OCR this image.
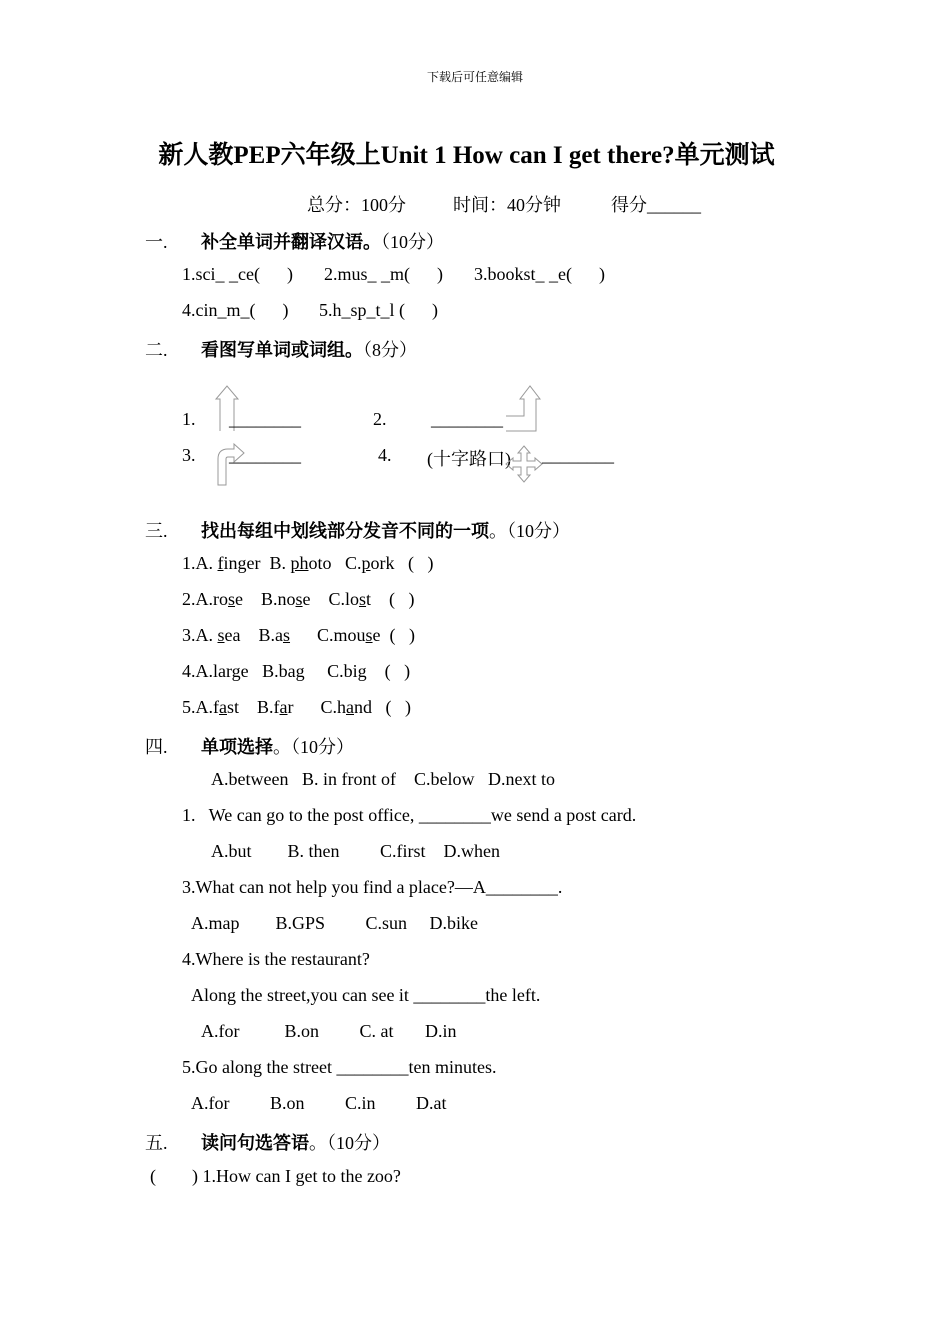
下载后可任意编辑
新人教PEP六年级上Unit 1 How can I get there?单元测试
总分：100分	时间：40分钟	得分______
一. 补全单词并翻译汉语。（10分）
1.sci_ _ce(      ) 2.mus_ _m(      ) 3.bookst_ _e(      )
4.cin_m_(      ) 5.h_sp_t_l (      )
二. 看图写单词或词组。（8分）
1. ________	2. ________
3. ________	4. (十字路口) ________
三. 找出每组中划线部分发音不同的一项。（10分）
1.A. finger  B. photo   C.pork   (   )
2.A.rose    B.nose    C.lost    (   )
3.A. sea    B.as      C.mouse  (   )
4.A.large   B.bag     C.big    (   )
5.A.fast    B.far      C.hand   (   )
四. 单项选择。（10分）
A.between   B. in front of    C.below   D.next to
1.   We can go to the post office, ________we send a post card.
A.but        B. then         C.first    D.when
3.What can not help you find a place?—A________.
A.map        B.GPS         C.sun     D.bike
4.Where is the restaurant?
Along the street,you can see it ________the left.
A.for          B.on         C. at       D.in
5.Go along the street ________ten minutes.
A.for         B.on         C.in         D.at
五. 读问句选答语。（10分）
(        ) 1.How can I get to the zoo?
